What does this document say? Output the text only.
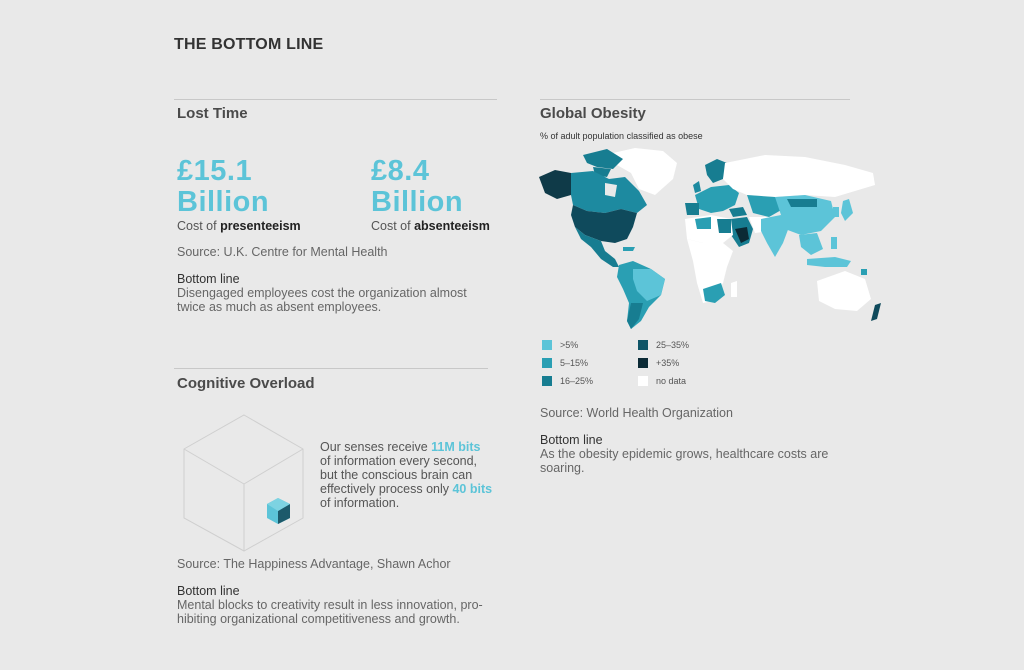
THE BOTTOM LINE
Lost Time
£15.1
Billion
Cost of presenteeism
£8.4
Billion
Cost of absenteeism
Source: U.K. Centre for Mental Health
Bottom line
Disengaged employees cost the organization almost
twice as much as absent employees.
Cognitive Overload
Our senses receive 11M bits
of information every second,
but the conscious brain can
effectively process only 40 bits
of information.
Source: The Happiness Advantage, Shawn Achor
Bottom line
Mental blocks to creativity result in less innovation, pro-
hibiting organizational competitiveness and growth.
Global Obesity
% of adult population classified as obese
>5%
5–15%
16–25%
25–35%
+35%
no data
Source: World Health Organization
Bottom line
As the obesity epidemic grows, healthcare costs are
soaring.
